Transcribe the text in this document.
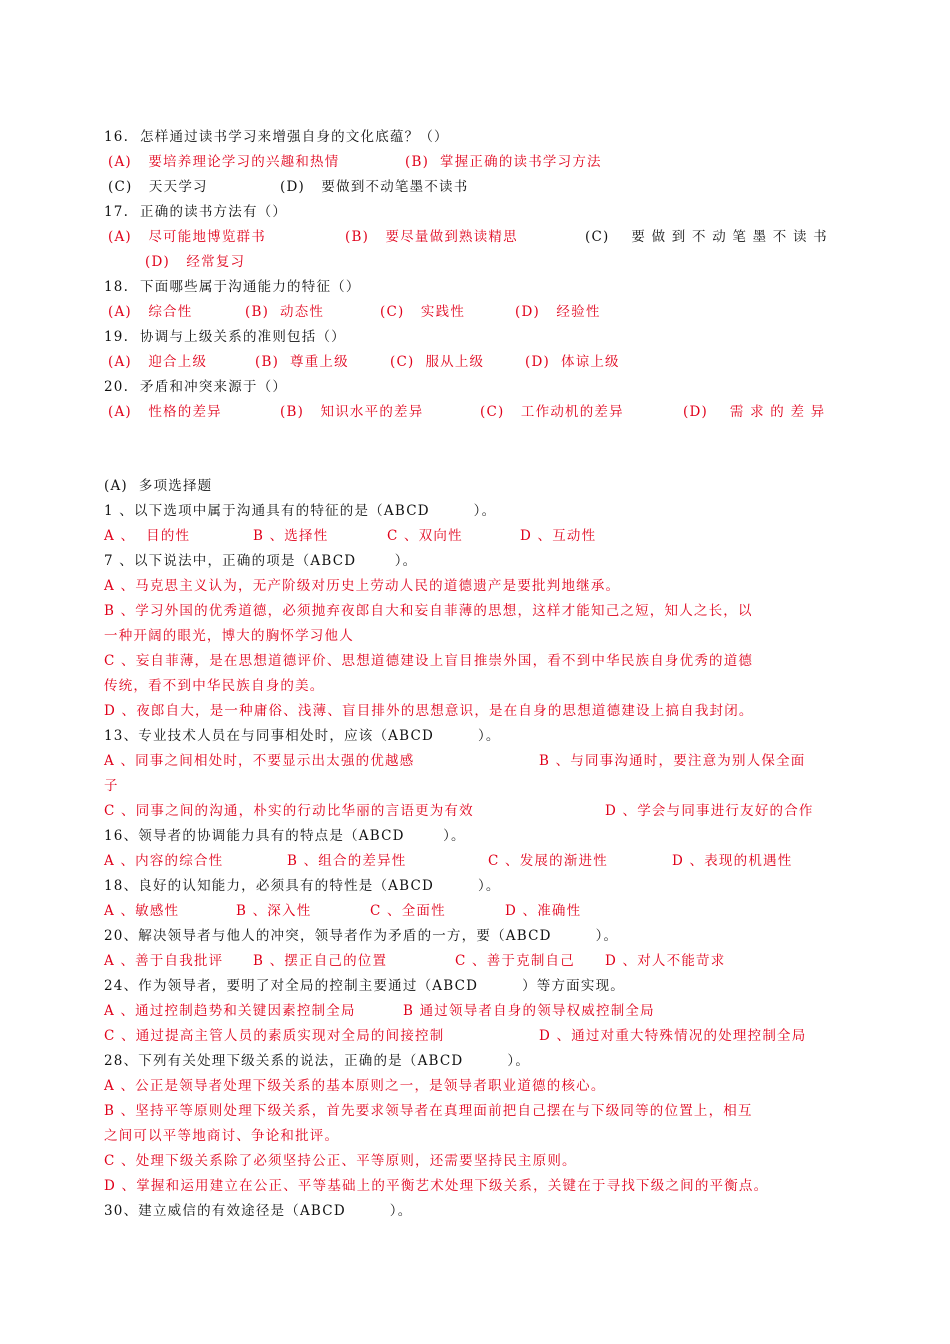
16.  怎样通过读书学习来增强自身的文化底蕴？（）
(A)   要培养理论学习的兴趣和热情	(B)  掌握正确的读书学习方法
(C)   天天学习	(D)   要做到不动笔墨不读书
17.  正确的读书方法有（）
(A)   尽可能地博览群书	(B)   要尽量做到熟读精思	(C)    要 做 到 不 动 笔 墨 不 读 书
(D)   经常复习
18.  下面哪些属于沟通能力的特征（）
(A)   综合性	(B)  动态性	(C)   实践性	(D)   经验性
19.  协调与上级关系的准则包括（）
(A)   迎合上级	(B)  尊重上级	(C)  服从上级	(D)  体谅上级
20.  矛盾和冲突来源于（）
(A)   性格的差异	(B)   知识水平的差异	(C)   工作动机的差异	(D)    需 求 的 差 异
(A)  多项选择题
1 、以下选项中属于沟通具有的特征的是（ABCD        ）。
A 、  目的性	B 、选择性	C 、双向性	D 、互动性
7 、以下说法中，正确的项是（ABCD       ）。
A 、马克思主义认为，无产阶级对历史上劳动人民的道德遗产是要批判地继承。
B 、学习外国的优秀道德，必须抛弃夜郎自大和妄自菲薄的思想，这样才能知己之短，知人之长，以
一种开阔的眼光，博大的胸怀学习他人
C 、妄自菲薄，是在思想道德评价、思想道德建设上盲目推崇外国，看不到中华民族自身优秀的道德
传统，看不到中华民族自身的美。
D 、夜郎自大，是一种庸俗、浅薄、盲目排外的思想意识，是在自身的思想道德建设上搞自我封闭。
13、专业技术人员在与同事相处时，应该（ABCD        ）。
A 、同事之间相处时，不要显示出太强的优越感	B 、与同事沟通时，要注意为别人保全面
子
C 、同事之间的沟通，朴实的行动比华丽的言语更为有效	D 、学会与同事进行友好的合作
16、领导者的协调能力具有的特点是（ABCD       ）。
A 、内容的综合性	B 、组合的差异性	C 、发展的渐进性	D 、表现的机遇性
18、良好的认知能力，必须具有的特性是（ABCD        ）。
A 、敏感性	B 、深入性	C 、全面性	D 、准确性
20、解决领导者与他人的冲突，领导者作为矛盾的一方，要（ABCD        ）。
A 、善于自我批评 B 、摆正自己的位置	C 、善于克制自己 D 、对人不能苛求
24、作为领导者，要明了对全局的控制主要通过（ABCD        ）等方面实现。
A 、通过控制趋势和关键因素控制全局	B 通过领导者自身的领导权威控制全局
C 、通过提高主管人员的素质实现对全局的间接控制	D 、通过对重大特殊情况的处理控制全局
28、下列有关处理下级关系的说法，正确的是（ABCD        ）。
A 、公正是领导者处理下级关系的基本原则之一，是领导者职业道德的核心。
B 、坚持平等原则处理下级关系，首先要求领导者在真理面前把自己摆在与下级同等的位置上，相互
之间可以平等地商讨、争论和批评。
C 、处理下级关系除了必须坚持公正、平等原则，还需要坚持民主原则。
D 、掌握和运用建立在公正、平等基础上的平衡艺术处理下级关系，关键在于寻找下级之间的平衡点。
30、建立威信的有效途径是（ABCD        ）。
